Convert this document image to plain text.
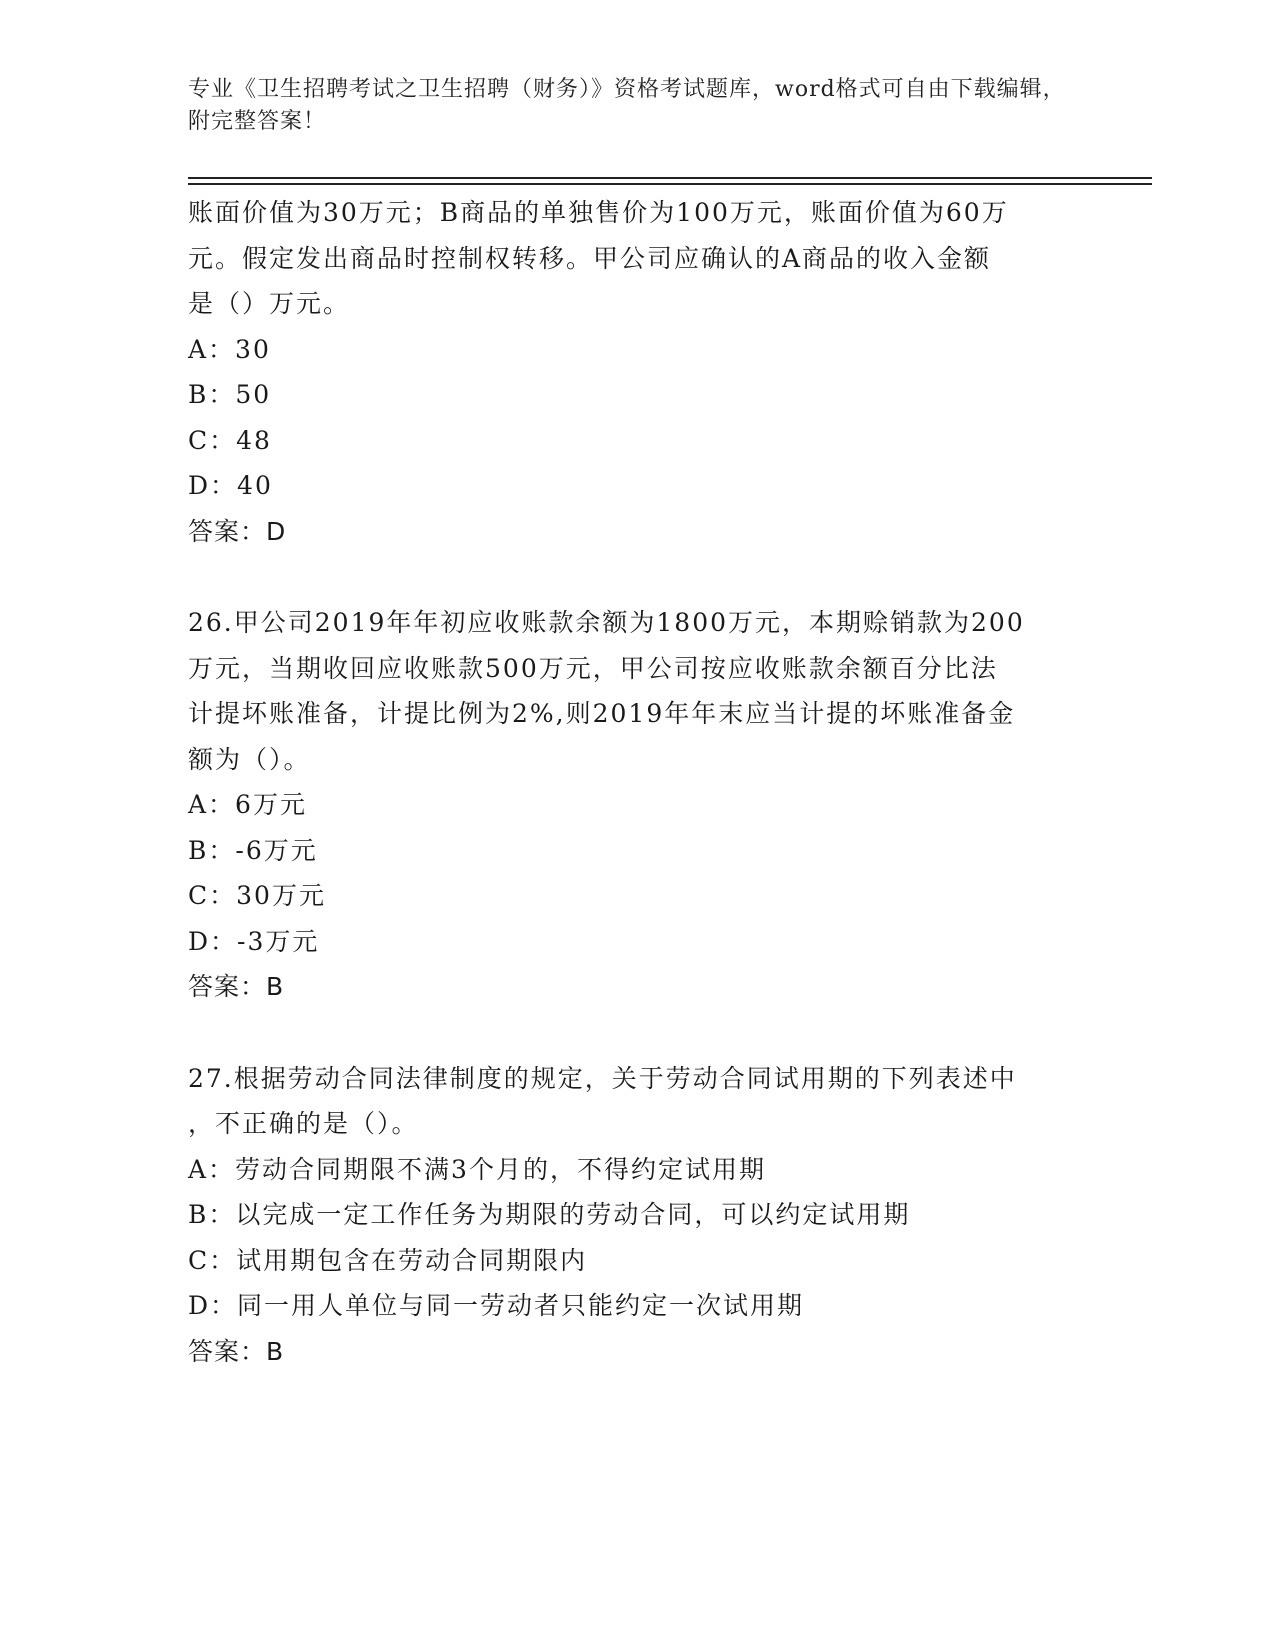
专业《卫生招聘考试之卫生招聘（财务）》资格考试题库，word格式可自由下载编辑，附完整答案！

账面价值为30万元；B商品的单独售价为100万元，账面价值为60万

元。假定发出商品时控制权转移。甲公司应确认的A商品的收入金额

是（）万元。

A：30

B：50

C：48

D：40

答案：D

26.甲公司2019年年初应收账款余额为1800万元，本期赊销款为200

万元，当期收回应收账款500万元，甲公司按应收账款余额百分比法

计提坏账准备，计提比例为2%,则2019年年末应当计提的坏账准备金

额为（）。

A：6万元

B：-6万元

C：30万元

D：-3万元

答案：B

27.根据劳动合同法律制度的规定，关于劳动合同试用期的下列表述中

，不正确的是（）。

A：劳动合同期限不满3个月的，不得约定试用期

B：以完成一定工作任务为期限的劳动合同，可以约定试用期

C：试用期包含在劳动合同期限内

D：同一用人单位与同一劳动者只能约定一次试用期

答案：B
